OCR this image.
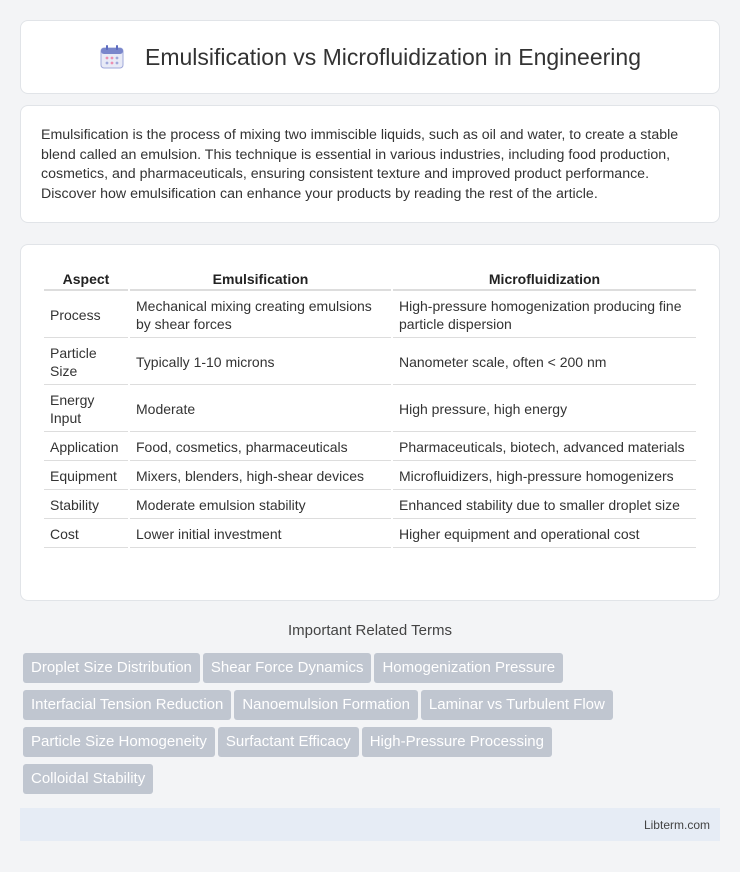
Emulsification vs Microfluidization in Engineering

Emulsification is the process of mixing two immiscible liquids, such as oil and water, to create a stable blend called an emulsion. This technique is essential in various industries, including food production, cosmetics, and pharmaceuticals, ensuring consistent texture and improved product performance. Discover how emulsification can enhance your products by reading the rest of the article.

Aspect	Emulsification	Microfluidization
Process	Mechanical mixing creating emulsions by shear forces	High-pressure homogenization producing fine particle dispersion
Particle Size	Typically 1-10 microns	Nanometer scale, often < 200 nm
Energy Input	Moderate	High pressure, high energy
Application	Food, cosmetics, pharmaceuticals	Pharmaceuticals, biotech, advanced materials
Equipment	Mixers, blenders, high-shear devices	Microfluidizers, high-pressure homogenizers
Stability	Moderate emulsion stability	Enhanced stability due to smaller droplet size
Cost	Lower initial investment	Higher equipment and operational cost
Important Related Terms
Droplet Size Distribution Shear Force Dynamics Homogenization Pressure
Interfacial Tension Reduction Nanoemulsion Formation Laminar vs Turbulent Flow
Particle Size Homogeneity Surfactant Efficacy High-Pressure Processing
Colloidal Stability
Libterm.com
